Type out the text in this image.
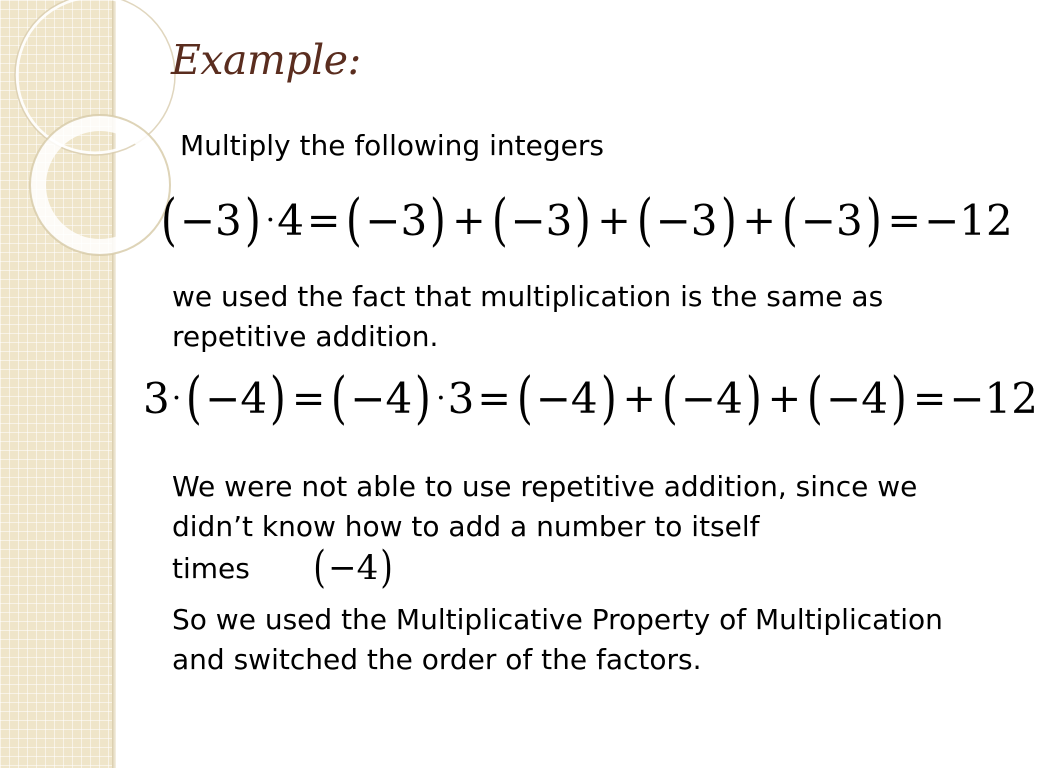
Example:
Multiply the following integers
( −3 ) · 4 = ( −3 ) + ( −3 ) + ( −3 ) + ( −3 ) = −12
we used the fact that multiplication is the same as repetitive addition.
3 · ( −4 ) = ( −4 ) · 3 = ( −4 ) + ( −4 ) + ( −4 ) = −12
We were not able to use repetitive addition, since we didn’t know how to add a number to itself
times ( −4 )
So we used the Multiplicative Property of Multiplication and switched the order of the factors.
